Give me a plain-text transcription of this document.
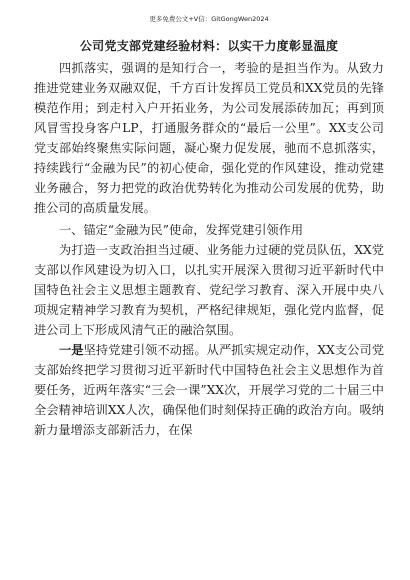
更多免费公文+V信：GitGongWen2024
公司党支部党建经验材料：以实干力度彰显温度

四抓落实，强调的是知行合一，考验的是担当作为。从致力推进党建业务双融双促，千方百计发挥员工党员和XX党员的先锋模范作用；到走村入户开拓业务，为公司发展添砖加瓦；再到顶风冒雪投身客户LP，打通服务群众的“最后一公里”。XX支公司党支部始终聚焦实际问题，凝心聚力促发展，驰而不息抓落实，持续践行“金融为民”的初心使命，强化党的作风建设，推动党建业务融合，努力把党的政治优势转化为推动公司发展的优势，助推公司的高质量发展。

一、锚定“金融为民”使命，发挥党建引领作用

为打造一支政治担当过硬、业务能力过硬的党员队伍，XX党支部以作风建设为切入口，以扎实开展深入贯彻习近平新时代中国特色社会主义思想主题教育、党纪学习教育、深入开展中央八项规定精神学习教育为契机，严格纪律规矩，强化党内监督，促进公司上下形成风清气正的融洽氛围。

一是坚持党建引领不动摇。从严抓实规定动作，XX支公司党支部始终把学习贯彻习近平新时代中国特色社会主义思想作为首要任务，近两年落实“三会一课”XX次，开展学习党的二十届三中全会精神培训XX人次，确保他们时刻保持正确的政治方向。吸纳新力量增添支部新活力，在保
